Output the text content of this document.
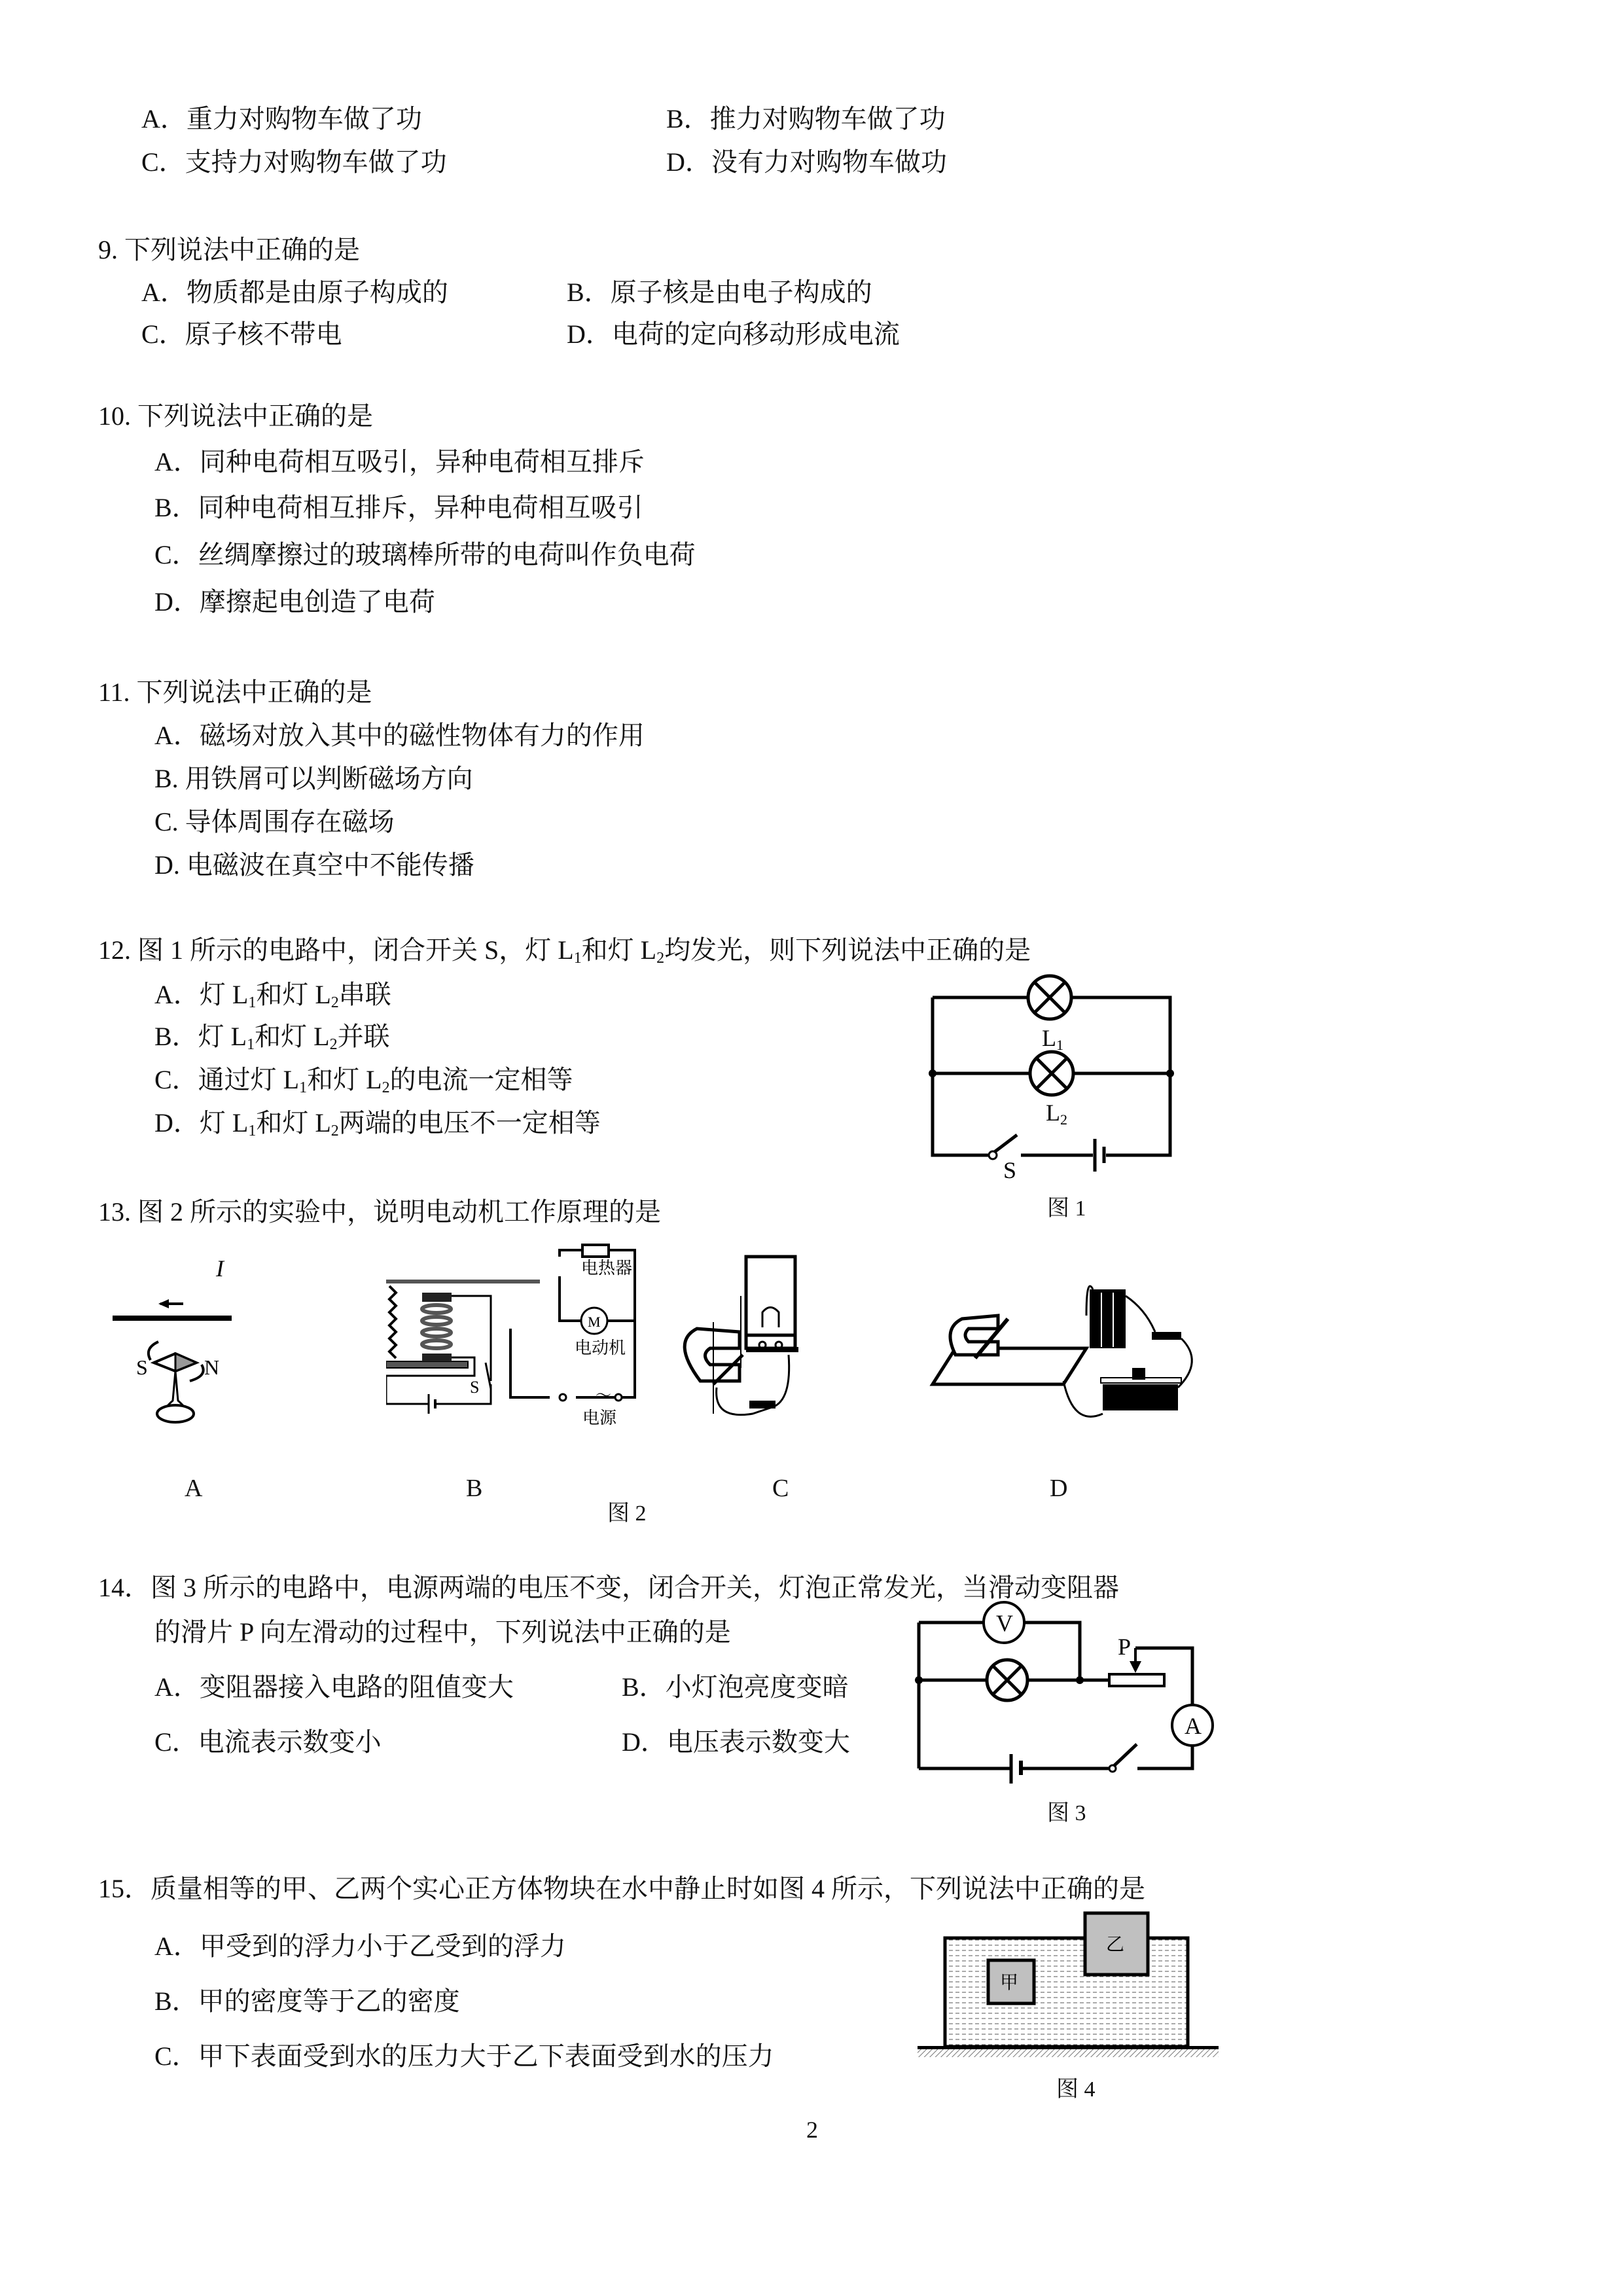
A．重力对购物车做了功	B．推力对购物车做了功
C．支持力对购物车做了功	D．没有力对购物车做功
9. 下列说法中正确的是
A．物质都是由原子构成的	B．原子核是由电子构成的
C．原子核不带电	D．电荷的定向移动形成电流
10. 下列说法中正确的是
A．同种电荷相互吸引，异种电荷相互排斥
B．同种电荷相互排斥，异种电荷相互吸引
C．丝绸摩擦过的玻璃棒所带的电荷叫作负电荷
D．摩擦起电创造了电荷
11. 下列说法中正确的是
A．磁场对放入其中的磁性物体有力的作用
B. 用铁屑可以判断磁场方向
C. 导体周围存在磁场
D. 电磁波在真空中不能传播
12. 图 1 所示的电路中，闭合开关 S，灯 $L_1$和灯 $L_2$均发光，则下列说法中正确的是
A．灯 $L_1$和灯 $L_2$串联
B．灯 $L_1$和灯 $L_2$并联
C．通过灯 $L_1$和灯 $L_2$的电流一定相等
D．灯 $L_1$和灯 $L_2$两端的电压不一定相等
L1
L2
S
图 1
13. 图 2 所示的实验中，说明电动机工作原理的是
I
S	N
电热器
M
电动机
～
电源
S
A	B	C	D
图 2
14．图 3 所示的电路中，电源两端的电压不变，闭合开关，灯泡正常发光，当滑动变阻器
的滑片 P 向左滑动的过程中，下列说法中正确的是
A．变阻器接入电路的阻值变大	B．小灯泡亮度变暗
C．电流表示数变小	D．电压表示数变大
V
P
A
图 3
15．质量相等的甲、乙两个实心正方体物块在水中静止时如图 4 所示，下列说法中正确的是
A．甲受到的浮力小于乙受到的浮力
B．甲的密度等于乙的密度
C．甲下表面受到水的压力大于乙下表面受到水的压力
甲
乙
图 4
2
